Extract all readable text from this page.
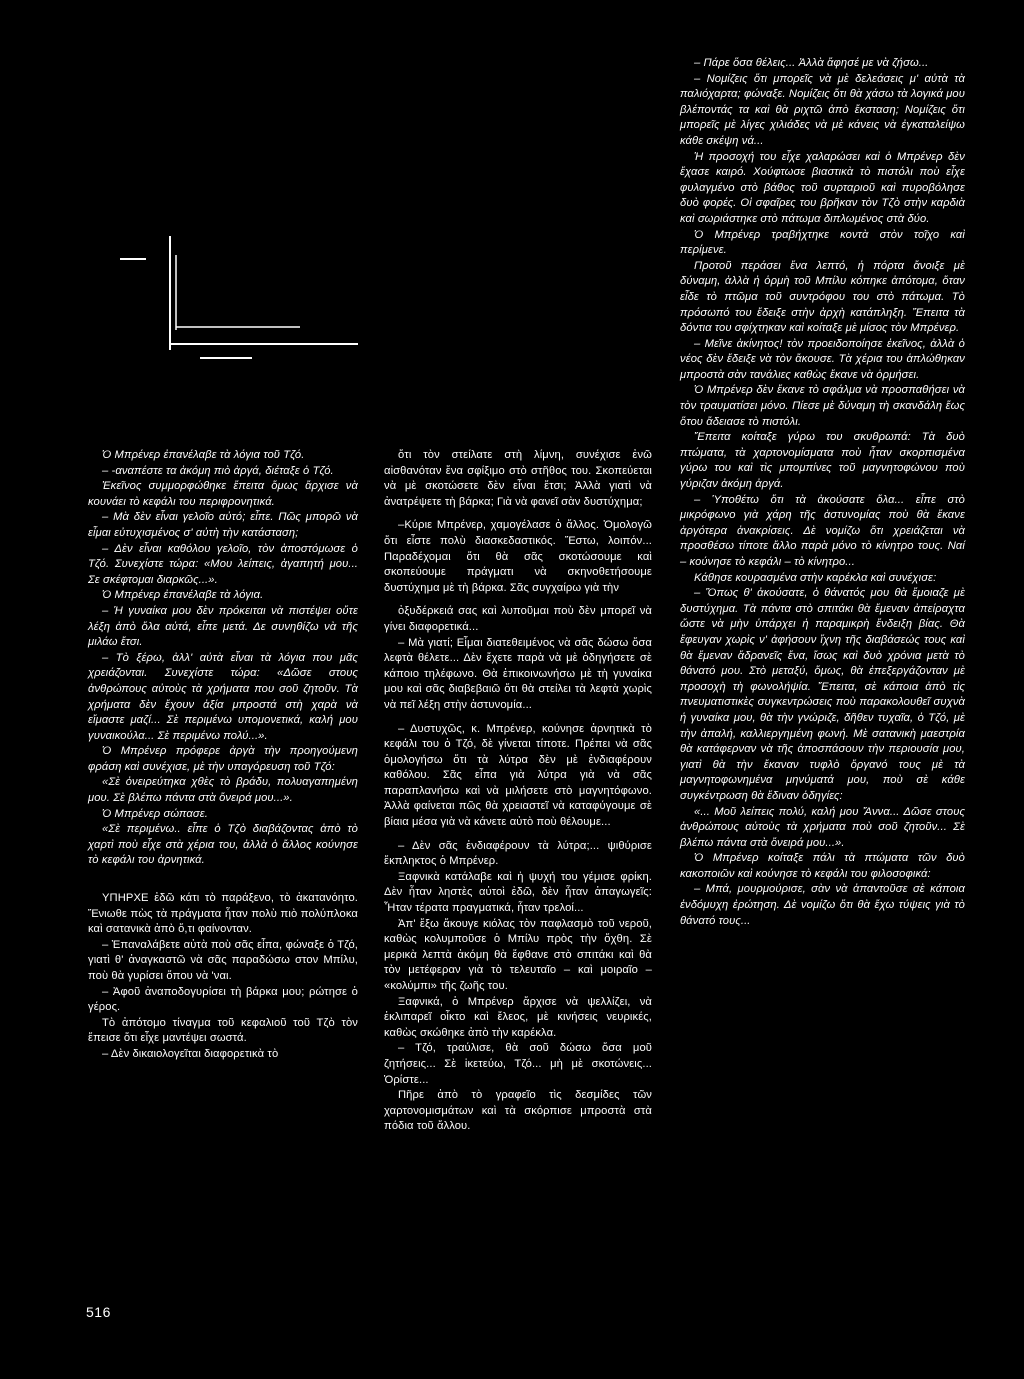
Ὁ Μπρένερ ἐπανέλαβε τὰ λόγια τοῦ Τζό.

– -αναπέστε τα ἀκόμη πιὸ ἀργά, διέταξε ὁ Τζό.

Ἐκεῖνος συμμορφώθηκε ἔπειτα ὅμως ἄρχισε νὰ κουνάει τὸ κεφάλι του περιφρονητικά.

– Μὰ δὲν εἶναι γελοῖο αὐτό; εἶπε. Πῶς μπορῶ νὰ εἶμαι εὐτυχισμένος σ' αὐτὴ τὴν κατάσταση;

– Δὲν εἶναι καθόλου γελοῖο, τὸν ἀποστόμωσε ὁ Τζό. Συνεχίστε τώρα: «Μου λείπεις, ἀγαπητή μου... Σε σκέφτομαι διαρκῶς...».

Ὁ Μπρένερ ἐπανέλαβε τὰ λόγια.

– Ἡ γυναίκα μου δὲν πρόκειται νὰ πιστέψει οὔτε λέξη ἀπὸ ὅλα αὐτά, εἶπε μετά. Δε συνηθίζω νὰ τῆς μιλάω ἔτσι.

– Τὸ ξέρω, ἀλλ' αὐτὰ εἶναι τὰ λόγια που μᾶς χρειάζονται. Συνεχίστε τώρα: «Δῶσε στους ἀνθρώπους αὐτοὺς τὰ χρήματα που σοῦ ζητοῦν. Τὰ χρήματα δὲν ἔχουν ἀξία μπροστά στὴ χαρὰ νὰ εἴμαστε μαζί... Σὲ περιμένω υπομονετικά, καλή μου γυναικούλα... Σὲ περιμένω πολύ...».

Ὁ Μπρένερ πρόφερε ἀργὰ τὴν προηγούμενη φράση καὶ συνέχισε, μὲ τὴν υπαγόρευση τοῦ Τζό:

«Σὲ ὀνειρεύτηκα χθὲς τὸ βράδυ, πολυαγαπημένη μου. Σὲ βλέπω πάντα στὰ ὄνειρά μου...».

Ὁ Μπρένερ σώπασε.

«Σὲ περιμένω.. εἶπε ὁ Τζὸ διαβάζοντας ἀπὸ τὸ χαρτὶ ποὺ εἶχε στὰ χέρια του, ἀλλὰ ὁ ἄλλος κούνησε τὸ κεφάλι του ἀρνητικά.

ΥΠΗΡΧΕ ἐδῶ κάτι τὸ παράξενο, τὸ ἀκατανόητο. Ἔνιωθε πὼς τὰ πράγματα ἦταν πολὺ πιὸ πολύπλοκα καὶ σατανικὰ ἀπὸ ὅ,τι φαίνονταν.

– Ἐπαναλάβετε αὐτὰ ποὺ σᾶς εἶπα, φώναξε ὁ Τζό, γιατὶ θ' ἀναγκαστῶ νὰ σᾶς παραδώσω στον Μπίλυ, ποὺ θὰ γυρίσει ὅπου νὰ 'ναι.

– Ἀφοῦ ἀναποδογυρίσει τὴ βάρκα μου; ρώτησε ὁ γέρος.

Τὸ ἀπότομο τίναγμα τοῦ κεφαλιοῦ τοῦ Τζὸ τὸν ἔπεισε ὅτι εἶχε μαντέψει σωστά.

– Δὲν δικαιολογεῖται διαφορετικὰ τὸ

ὅτι τὸν στείλατε στὴ λίμνη, συνέχισε ἐνῶ αἰσθανόταν ἕνα σφίξιμο στὸ στῆθος του. Σκοπεύεται νὰ μὲ σκοτώσετε δὲν εἶναι ἔτσι; Ἀλλὰ γιατὶ νὰ ἀνατρέψετε τὴ βάρκα; Γιὰ νὰ φανεῖ σὰν δυστύχημα;

–Κύριε Μπρένερ, χαμογέλασε ὁ ἄλλος. Ὁμολογῶ ὅτι εἶστε πολὺ διασκεδαστικός. Ἔστω, λοιπόν... Παραδέχομαι ὅτι θὰ σᾶς σκοτώσουμε καὶ σκοπεύουμε πράγματι νὰ σκηνοθετήσουμε δυστύχημα μὲ τὴ βάρκα. Σᾶς συγχαίρω γιὰ τὴν

ὀξυδέρκειά σας καὶ λυποῦμαι ποὺ δὲν μπορεῖ νὰ γίνει διαφορετικά...

– Μὰ γιατί; Εἶμαι διατεθειμένος νὰ σᾶς δώσω ὅσα λεφτὰ θέλετε... Δὲν ἔχετε παρὰ νὰ μὲ ὁδηγήσετε σὲ κάποιο τηλέφωνο. Θὰ ἐπικοινωνήσω μὲ τὴ γυναίκα μου καὶ σᾶς διαβεβαιῶ ὅτι θὰ στείλει τὰ λεφτὰ χωρὶς νὰ πεῖ λέξη στὴν ἀστυνομία...

– Δυστυχῶς, κ. Μπρένερ, κούνησε ἀρνητικὰ τὸ κεφάλι του ὁ Τζό, δὲ γίνεται τίποτε. Πρέπει νὰ σᾶς ὁμολογήσω ὅτι τὰ λύτρα δὲν μὲ ἐνδιαφέρουν καθόλου. Σᾶς εἶπα γιὰ λύτρα γιὰ νὰ σᾶς παραπλανήσω καὶ νὰ μιλήσετε στὸ μαγνητόφωνο. Ἀλλὰ φαίνεται πῶς θὰ χρειαστεῖ νὰ καταφύγουμε σὲ βίαια μέσα γιὰ νὰ κάνετε αὐτὸ ποὺ θέλουμε...

– Δὲν σᾶς ἐνδιαφέρουν τὰ λύτρα;... ψιθύρισε ἔκπληκτος ὁ Μπρένερ.

Ξαφνικὰ κατάλαβε καὶ ἡ ψυχή του γέμισε φρίκη. Δὲν ἦταν ληστὲς αὐτοὶ ἐδῶ, δὲν ἦταν ἀπαγωγεῖς: Ἦταν τέρατα πραγματικά, ἦταν τρελοί...

Ἀπ' ἔξω ἄκουγε κιόλας τὸν παφλασμὸ τοῦ νεροῦ, καθὼς κολυμποῦσε ὁ Μπίλυ πρὸς τὴν ὄχθη. Σὲ μερικὰ λεπτὰ ἀκόμη θὰ ἔφθανε στὸ σπιτάκι καὶ θὰ τὸν μετέφεραν γιὰ τὸ τελευταῖο – καὶ μοιραῖο – «κολύμπι» τῆς ζωῆς του.

Ξαφνικά, ὁ Μπρένερ ἄρχισε νὰ ψελλίζει, νὰ ἐκλιπαρεῖ οἶκτο καὶ ἔλεος, μὲ κινήσεις νευρικές, καθὼς σκώθηκε ἀπὸ τὴν καρέκλα.

– Τζό, τραύλισε, θὰ σοῦ δώσω ὅσα μοῦ ζητήσεις... Σὲ ἱκετεύω, Τζό... μὴ μὲ σκοτώνεις... Ὁρίστε...

Πῆρε ἀπὸ τὸ γραφεῖο τὶς δεσμίδες τῶν χαρτονομισμάτων καὶ τὰ σκόρπισε μπροστὰ στὰ πόδια τοῦ ἄλλου.

– Πάρε ὅσα θέλεις... Ἀλλὰ ἄφησέ με νὰ ζήσω...

– Νομίζεις ὅτι μπορεῖς νὰ μὲ δελεάσεις μ' αὐτὰ τὰ παλιόχαρτα; φώναξε. Νομίζεις ὅτι θὰ χάσω τὰ λογικά μου βλέποντάς τα καὶ θὰ ριχτῶ ἀπὸ ἔκσταση; Νομίζεις ὅτι μπορεῖς μὲ λίγες χιλιάδες νὰ μὲ κάνεις νὰ ἐγκαταλείψω κάθε σκέψη νά...

Ἡ προσοχή του εἶχε χαλαρώσει καὶ ὁ Μπρένερ δὲν ἔχασε καιρό. Χούφτωσε βιαστικὰ τὸ πιστόλι ποὺ εἶχε φυλαγμένο στὸ βάθος τοῦ συρταριοῦ καὶ πυροβόλησε δυὸ φορές. Οἱ σφαῖρες του βρῆκαν τὸν Τζὸ στὴν καρδιὰ καὶ σωριάστηκε στὸ πάτωμα διπλωμένος στὰ δύο.

Ὁ Μπρένερ τραβήχτηκε κοντὰ στὸν τοῖχο καὶ περίμενε.

Προτοῦ περάσει ἕνα λεπτό, ἡ πόρτα ἄνοιξε μὲ δύναμη, ἀλλὰ ἡ ὁρμὴ τοῦ Μπίλυ κόπηκε ἀπότομα, ὅταν εἶδε τὸ πτῶμα τοῦ συντρόφου του στὸ πάτωμα. Τὸ πρόσωπό του ἔδειξε στὴν ἀρχὴ κατάπληξη. Ἔπειτα τὰ δόντια του σφίχτηκαν καὶ κοίταξε μὲ μίσος τὸν Μπρένερ.

– Μεῖνε ἀκίνητος! τὸν προειδοποίησε ἐκεῖνος, ἀλλὰ ὁ νέος δὲν ἔδειξε νὰ τὸν ἄκουσε. Τὰ χέρια του ἁπλώθηκαν μπροστὰ σὰν τανάλιες καθὼς ἔκανε νὰ ὁρμήσει.

Ὁ Μπρένερ δὲν ἔκανε τὸ σφάλμα νὰ προσπαθήσει νὰ τὸν τραυματίσει μόνο. Πίεσε μὲ δύναμη τὴ σκανδάλη ἕως ὅτου ἄδειασε τὸ πιστόλι.

Ἔπειτα κοίταξε γύρω του σκυθρωπά: Τὰ δυὸ πτώματα, τὰ χαρτονομίσματα ποὺ ἦταν σκορπισμένα γύρω του καὶ τὶς μπομπίνες τοῦ μαγνητοφώνου ποὺ γύριζαν ἀκόμη ἀργά.

– Ὑποθέτω ὅτι τὰ ἀκούσατε ὅλα... εἶπε στὸ μικρόφωνο γιὰ χάρη τῆς ἀστυνομίας ποὺ θὰ ἔκανε ἀργότερα ἀνακρίσεις. Δὲ νομίζω ὅτι χρειάζεται νὰ προσθέσω τίποτε ἄλλο παρὰ μόνο τὸ κίνητρο τους. Ναί – κούνησε τὸ κεφάλι – τὸ κίνητρο...

Κάθησε κουρασμένα στὴν καρέκλα καὶ συνέχισε:

– Ὅπως θ' ἀκούσατε, ὁ θάνατός μου θὰ ἔμοιαζε μὲ δυστύχημα. Τὰ πάντα στὸ σπιτάκι θὰ ἔμεναν ἀπείραχτα ὥστε νὰ μὴν ὑπάρχει ἡ παραμικρὴ ἔνδειξη βίας. Θὰ ἔφευγαν χωρὶς ν' ἀφήσουν ἴχνη τῆς διαβάσεώς τους καὶ θὰ ἔμεναν ἄδρανεῖς ἕνα, ἴσως καὶ δυὸ χρόνια μετὰ τὸ θάνατό μου. Στὸ μεταξύ, ὅμως, θὰ ἐπεξεργάζονταν μὲ προσοχὴ τὴ φωνολήψία. Ἔπειτα, σὲ κάποια ἀπὸ τὶς πνευματιστικὲς συγκεντρώσεις ποὺ παρακολουθεῖ συχνὰ ἡ γυναίκα μου, θὰ τὴν γνώριζε, δῆθεν τυχαῖα, ὁ Τζό, μὲ τὴν ἀπαλή, καλλιεργημένη φωνή. Μὲ σατανικὴ μαεστρία θὰ κατάφερναν νὰ τῆς ἀποσπάσουν τὴν περιουσία μου, γιατὶ θὰ τὴν ἔκαναν τυφλὸ ὄργανό τους μὲ τὰ μαγνητοφωνημένα μηνύματά μου, ποὺ σὲ κάθε συγκέντρωση θὰ ἔδιναν ὁδηγίες:

«... Μοῦ λείπεις πολύ, καλή μου Ἄννα... Δῶσε στους ἀνθρώπους αὐτοὺς τὰ χρήματα ποὺ σοῦ ζητοῦν... Σὲ βλέπω πάντα στὰ ὄνειρά μου...».

Ὁ Μπρένερ κοίταξε πάλι τὰ πτώματα τῶν δυὸ κακοποιῶν καὶ κούνησε τὸ κεφάλι του φιλοσοφικά:

– Μπά, μουρμούρισε, σὰν νὰ ἀπαντοῦσε σὲ κάποια ἐνδόμυχη ἐρώτηση. Δὲ νομίζω ὅτι θὰ ἔχω τύψεις γιὰ τὸ θάνατό τους...

516
